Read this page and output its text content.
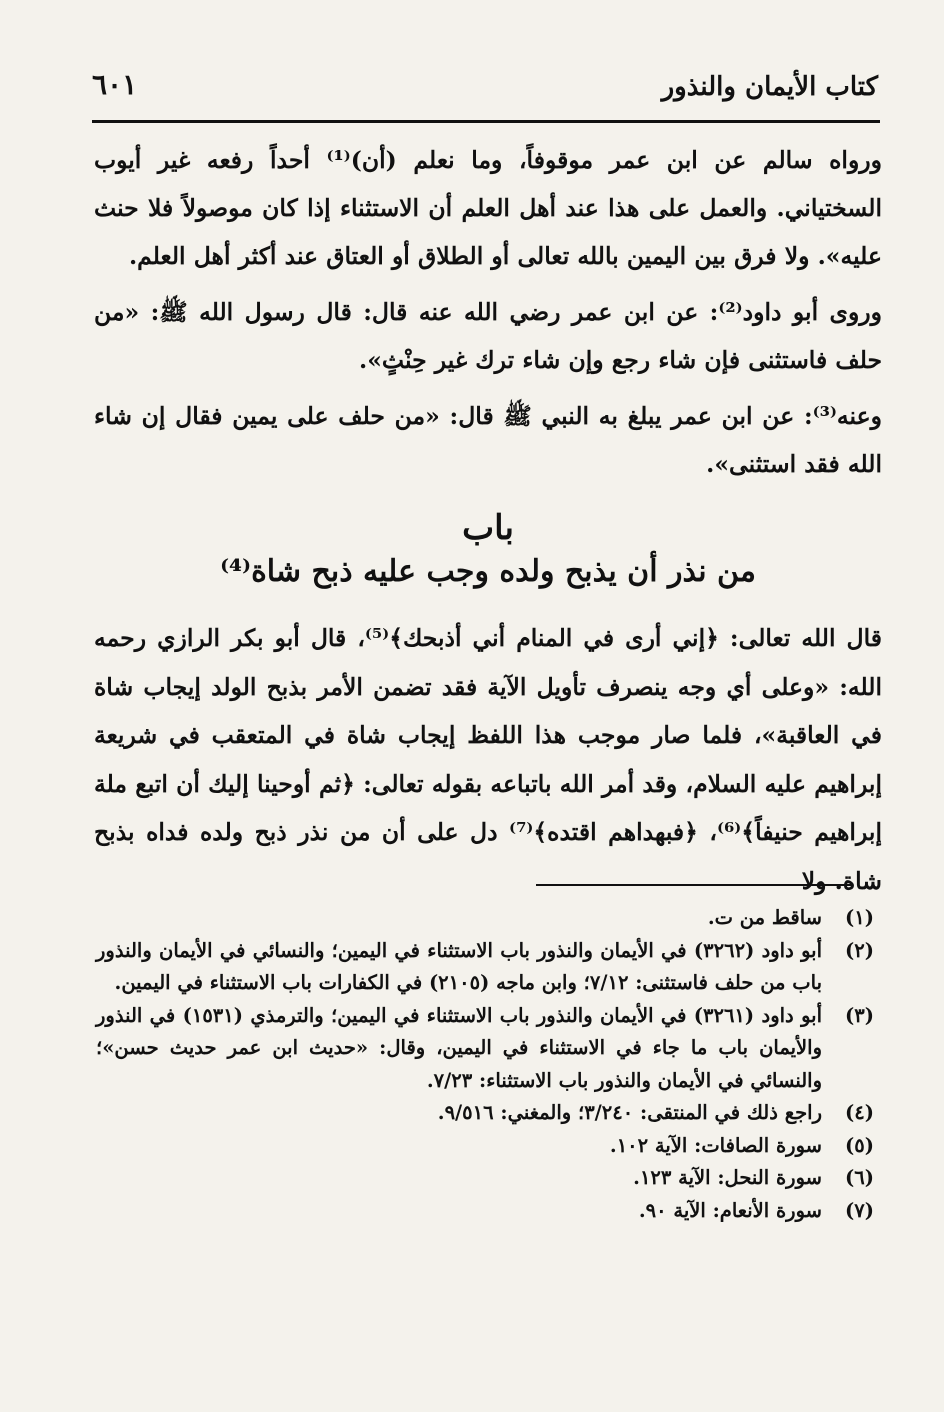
كتاب الأيمان والنذور
٦٠١

ورواه سالم عن ابن عمر موقوفاً، وما نعلم (أن)⁽¹⁾ أحداً رفعه غير أيوب السختياني. والعمل على هذا عند أهل العلم أن الاستثناء إذا كان موصولاً فلا حنث عليه». ولا فرق بين اليمين بالله تعالى أو الطلاق أو العتاق عند أكثر أهل العلم.

وروى أبو داود⁽²⁾: عن ابن عمر رضي الله عنه قال: قال رسول الله ﷺ: «من حلف فاستثنى فإن شاء رجع وإن شاء ترك غير حِنْثٍ».

وعنه⁽³⁾: عن ابن عمر يبلغ به النبي ﷺ قال: «من حلف على يمين فقال إن شاء الله فقد استثنى».

باب
من نذر أن يذبح ولده وجب عليه ذبح شاة⁽⁴⁾

قال الله تعالى: ﴿إني أرى في المنام أني أذبحك﴾⁽⁵⁾، قال أبو بكر الرازي رحمه الله: «وعلى أي وجه ينصرف تأويل الآية فقد تضمن الأمر بذبح الولد إيجاب شاة في العاقبة»، فلما صار موجب هذا اللفظ إيجاب شاة في المتعقب في شريعة إبراهيم عليه السلام، وقد أمر الله باتباعه بقوله تعالى: ﴿ثم أوحينا إليك أن اتبع ملة إبراهيم حنيفاً﴾⁽⁶⁾، ﴿فبهداهم اقتده﴾⁽⁷⁾ دل على أن من نذر ذبح ولده فداه بذبح شاة. ولا

(١)
ساقط من ت.
(٢)
أبو داود (٣٢٦٢) في الأيمان والنذور باب الاستثناء في اليمين؛ والنسائي في الأيمان والنذور باب من حلف فاستثنى: ٧/١٢؛ وابن ماجه (٢١٠٥) في الكفارات باب الاستثناء في اليمين.
(٣)
أبو داود (٣٢٦١) في الأيمان والنذور باب الاستثناء في اليمين؛ والترمذي (١٥٣١) في النذور والأيمان باب ما جاء في الاستثناء في اليمين، وقال: «حديث ابن عمر حديث حسن»؛ والنسائي في الأيمان والنذور باب الاستثناء: ٧/٢٣.
(٤)
راجع ذلك في المنتقى: ٣/٢٤٠؛ والمغني: ٩/٥١٦.
(٥)
سورة الصافات: الآية ١٠٢.
(٦)
سورة النحل: الآية ١٢٣.
(٧)
سورة الأنعام: الآية ٩٠.
